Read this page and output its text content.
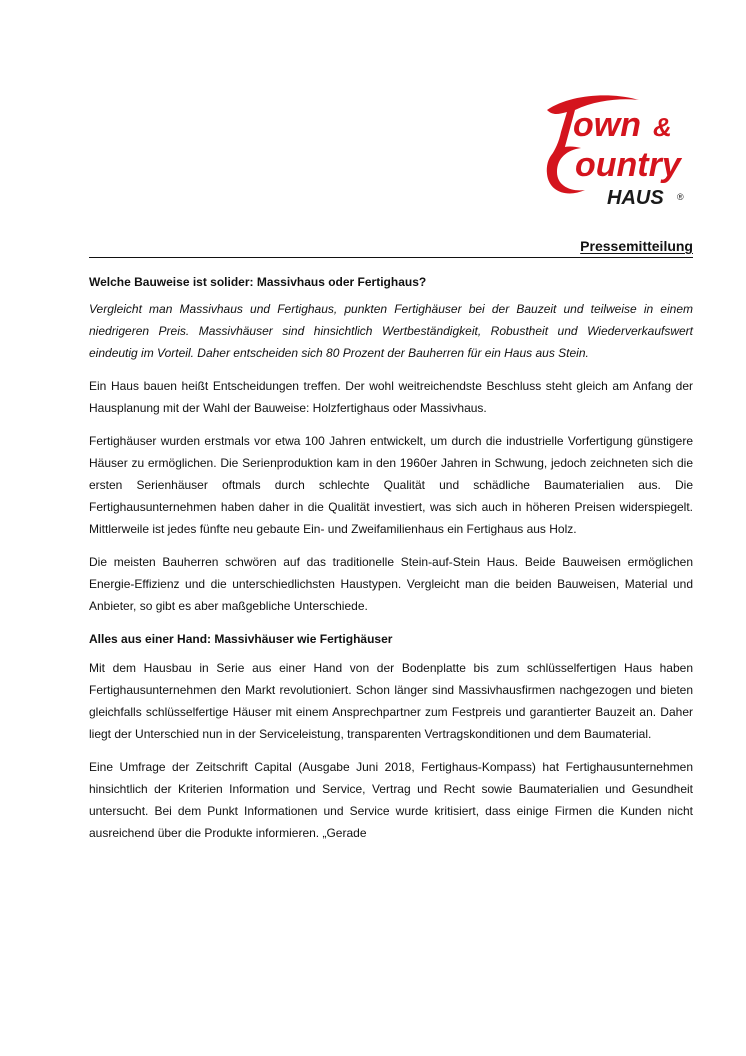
own &
ountry
HAUS ®
Pressemitteilung

Welche Bauweise ist solider: Massivhaus oder Fertighaus?

Vergleicht man Massivhaus und Fertighaus, punkten Fertighäuser bei der Bauzeit und teilweise in einem niedrigeren Preis. Massivhäuser sind hinsichtlich Wertbeständigkeit, Robustheit und Wiederverkaufswert eindeutig im Vorteil. Daher entscheiden sich 80 Prozent der Bauherren für ein Haus aus Stein.

Ein Haus bauen heißt Entscheidungen treffen. Der wohl weitreichendste Beschluss steht gleich am Anfang der Hausplanung mit der Wahl der Bauweise: Holzfertighaus oder Massivhaus.

Fertighäuser wurden erstmals vor etwa 100 Jahren entwickelt, um durch die industrielle Vorfertigung günstigere Häuser zu ermöglichen. Die Serienproduktion kam in den 1960er Jahren in Schwung, jedoch zeichneten sich die ersten Serienhäuser oftmals durch schlechte Qualität und schädliche Baumaterialien aus. Die Fertighausunternehmen haben daher in die Qualität investiert, was sich auch in höheren Preisen widerspiegelt. Mittlerweile ist jedes fünfte neu gebaute Ein- und Zweifamilienhaus ein Fertighaus aus Holz.

Die meisten Bauherren schwören auf das traditionelle Stein-auf-Stein Haus. Beide Bauweisen ermöglichen Energie-Effizienz und die unterschiedlichsten Haustypen. Vergleicht man die beiden Bauweisen, Material und Anbieter, so gibt es aber maßgebliche Unterschiede.

Alles aus einer Hand: Massivhäuser wie Fertighäuser

Mit dem Hausbau in Serie aus einer Hand von der Bodenplatte bis zum schlüsselfertigen Haus haben Fertighausunternehmen den Markt revolutioniert. Schon länger sind Massivhausfirmen nachgezogen und bieten gleichfalls schlüsselfertige Häuser mit einem Ansprechpartner zum Festpreis und garantierter Bauzeit an. Daher liegt der Unterschied nun in der Serviceleistung, transparenten Vertragskonditionen und dem Baumaterial.

Eine Umfrage der Zeitschrift Capital (Ausgabe Juni 2018, Fertighaus-Kompass) hat Fertighausunternehmen hinsichtlich der Kriterien Information und Service, Vertrag und Recht sowie Baumaterialien und Gesundheit untersucht. Bei dem Punkt Informationen und Service wurde kritisiert, dass einige Firmen die Kunden nicht ausreichend über die Produkte informieren. „Gerade
